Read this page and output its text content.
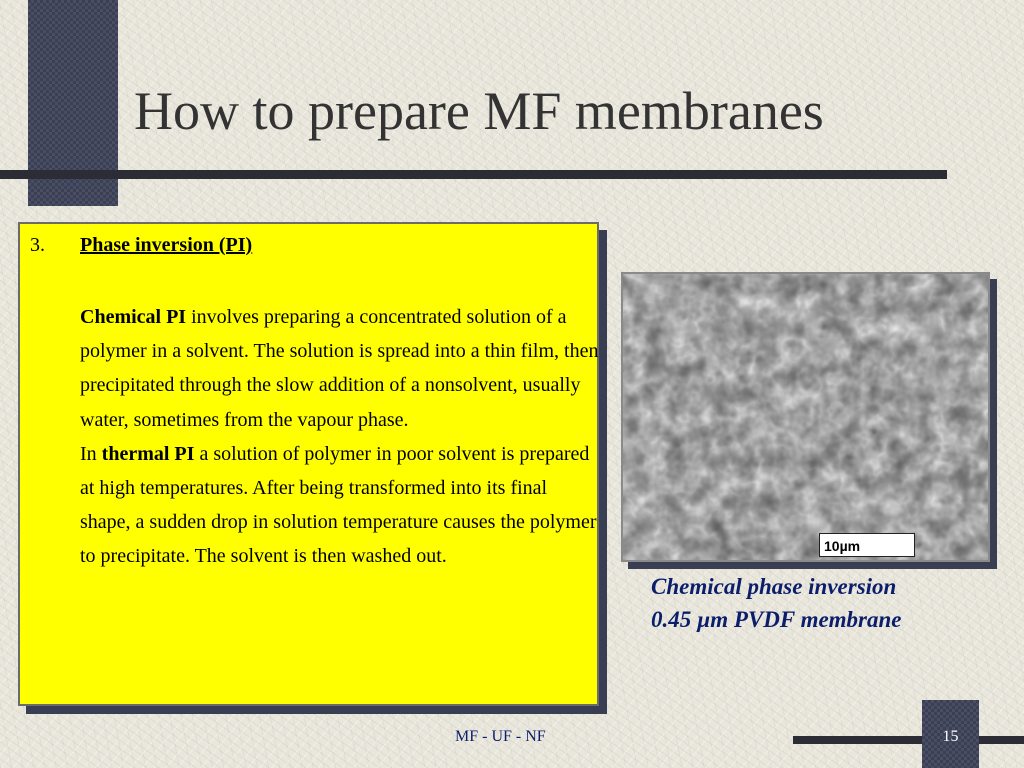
How to prepare MF membranes
3. Phase inversion (PI)

Chemical PI involves preparing a concentrated solution of a polymer in a solvent. The solution is spread into a thin film, then precipitated through the slow addition of a nonsolvent, usually water, sometimes from the vapour phase.

In thermal PI a solution of polymer in poor solvent is prepared at high temperatures. After being transformed into its final shape, a sudden drop in solution temperature causes the polymer to precipitate. The solvent is then washed out.	10µm
Chemical phase inversion
0.45 µm PVDF membrane
MF - UF - NF	15
